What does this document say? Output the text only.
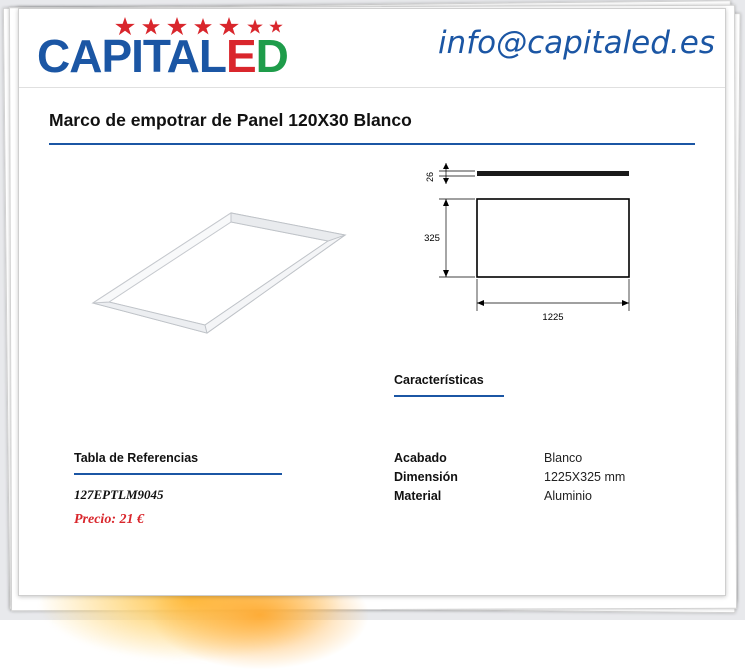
CAPITALED	info@capitaled.es
Marco de empotrar de Panel 120X30 Blanco
26
325
1225
Características
Tabla de Referencias
127EPTLM9045
Precio: 21 €
Acabado	Blanco
Dimensión	1225X325 mm
Material	Aluminio
